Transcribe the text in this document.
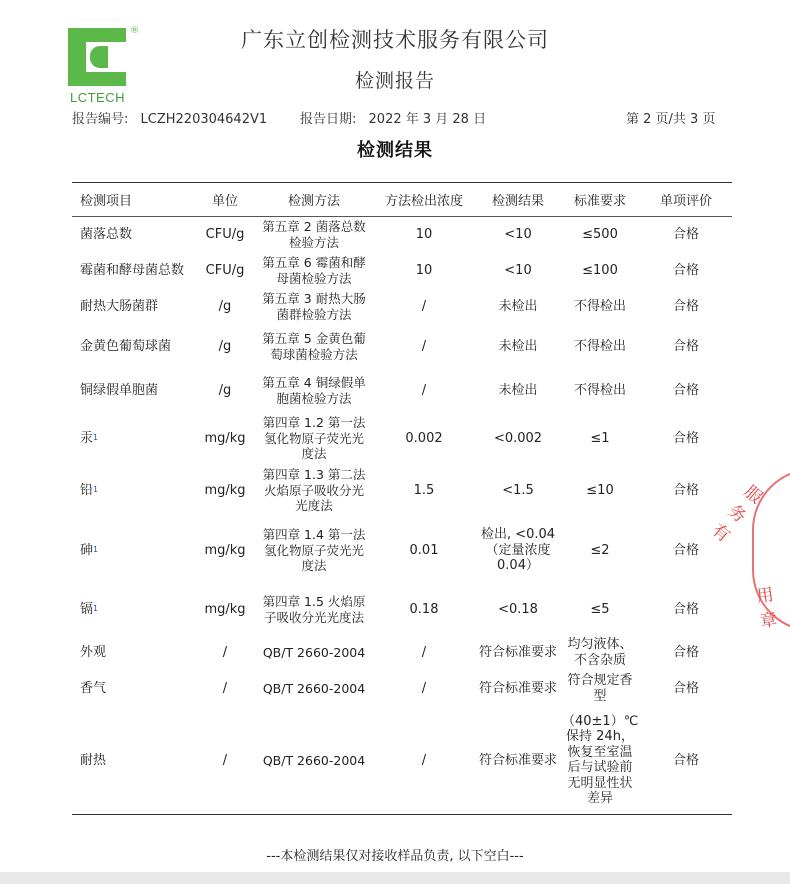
®
LCTECH
广东立创检测技术服务有限公司
检测报告
报告编号: LCZH220304642V1	报告日期: 2022 年 3 月 28 日	第 2 页/共 3 页
检测结果
检测项目	单位	检测方法	方法检出浓度	检测结果	标准要求	单项评价
菌落总数	CFU/g	第五章 2 菌落总数检验方法	10	<10	≤500	合格
霉菌和酵母菌总数	CFU/g	第五章 6 霉菌和酵母菌检验方法	10	<10	≤100	合格
耐热大肠菌群	/g	第五章 3 耐热大肠菌群检验方法	/	未检出	不得检出	合格
金黄色葡萄球菌	/g	第五章 5 金黄色葡萄球菌检验方法	/	未检出	不得检出	合格
铜绿假单胞菌	/g	第五章 4 铜绿假单胞菌检验方法	/	未检出	不得检出	合格
汞$^1$	mg/kg	第四章 1.2 第一法 氢化物原子荧光光度法	0.002	<0.002	≤1	合格
铅$^1$	mg/kg	第四章 1.3 第二法 火焰原子吸收分光光度法	1.5	<1.5	≤10	合格
砷$^1$	mg/kg	第四章 1.4 第一法 氢化物原子荧光光度法	0.01	检出, <0.04（定量浓度 0.04）	≤2	合格
镉$^1$	mg/kg	第四章 1.5 火焰原子吸收分光光度法	0.18	<0.18	≤5	合格
外观	/	QB/T 2660-2004	/	符合标准要求	均匀液体、不含杂质	合格
香气	/	QB/T 2660-2004	/	符合标准要求	符合规定香型	合格
耐热	/	QB/T 2660-2004	/	符合标准要求	（40±1）℃保持 24h，恢复至室温后与试验前无明显性状差异	合格
---本检测结果仅对接收样品负责, 以下空白---
服务有
用章
